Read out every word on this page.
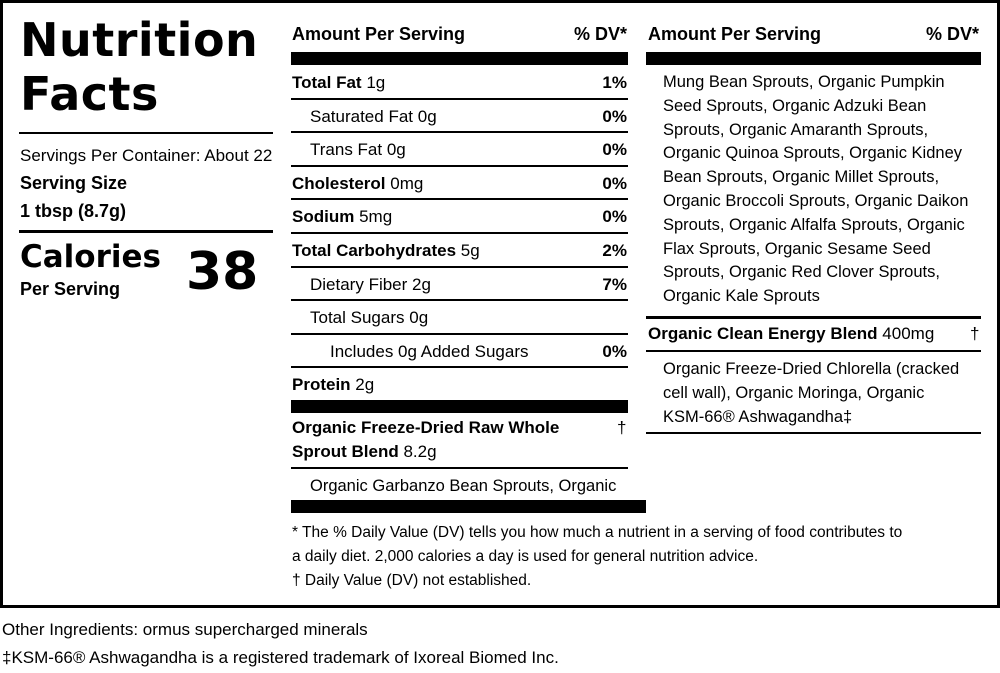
Nutrition
Facts
Servings Per Container: About 22
Serving Size
1 tbsp (8.7g)
Calories
Per Serving 38
Amount Per Serving	% DV*
Total Fat 1g	1%
Saturated Fat 0g	0%
Trans Fat 0g	0%
Cholesterol 0mg	0%
Sodium 5mg	0%
Total Carbohydrates 5g	2%
Dietary Fiber 2g	7%
Total Sugars 0g
Includes 0g Added Sugars	0%
Protein 2g
Organic Freeze-Dried Raw Whole
Sprout Blend 8.2g
†
Organic Garbanzo Bean Sprouts, Organic
* The % Daily Value (DV) tells you how much a nutrient in a serving of food contributes to
a daily diet. 2,000 calories a day is used for general nutrition advice.
† Daily Value (DV) not established.
Amount Per Serving	% DV*
Mung Bean Sprouts, Organic Pumpkin
Seed Sprouts, Organic Adzuki Bean
Sprouts, Organic Amaranth Sprouts,
Organic Quinoa Sprouts, Organic Kidney
Bean Sprouts, Organic Millet Sprouts,
Organic Broccoli Sprouts, Organic Daikon
Sprouts, Organic Alfalfa Sprouts, Organic
Flax Sprouts, Organic Sesame Seed
Sprouts, Organic Red Clover Sprouts,
Organic Kale Sprouts
Organic Clean Energy Blend 400mg †
Organic Freeze-Dried Chlorella (cracked
cell wall), Organic Moringa, Organic
KSM-66® Ashwagandha‡
Other Ingredients: ormus supercharged minerals
‡KSM-66® Ashwagandha is a registered trademark of Ixoreal Biomed Inc.
